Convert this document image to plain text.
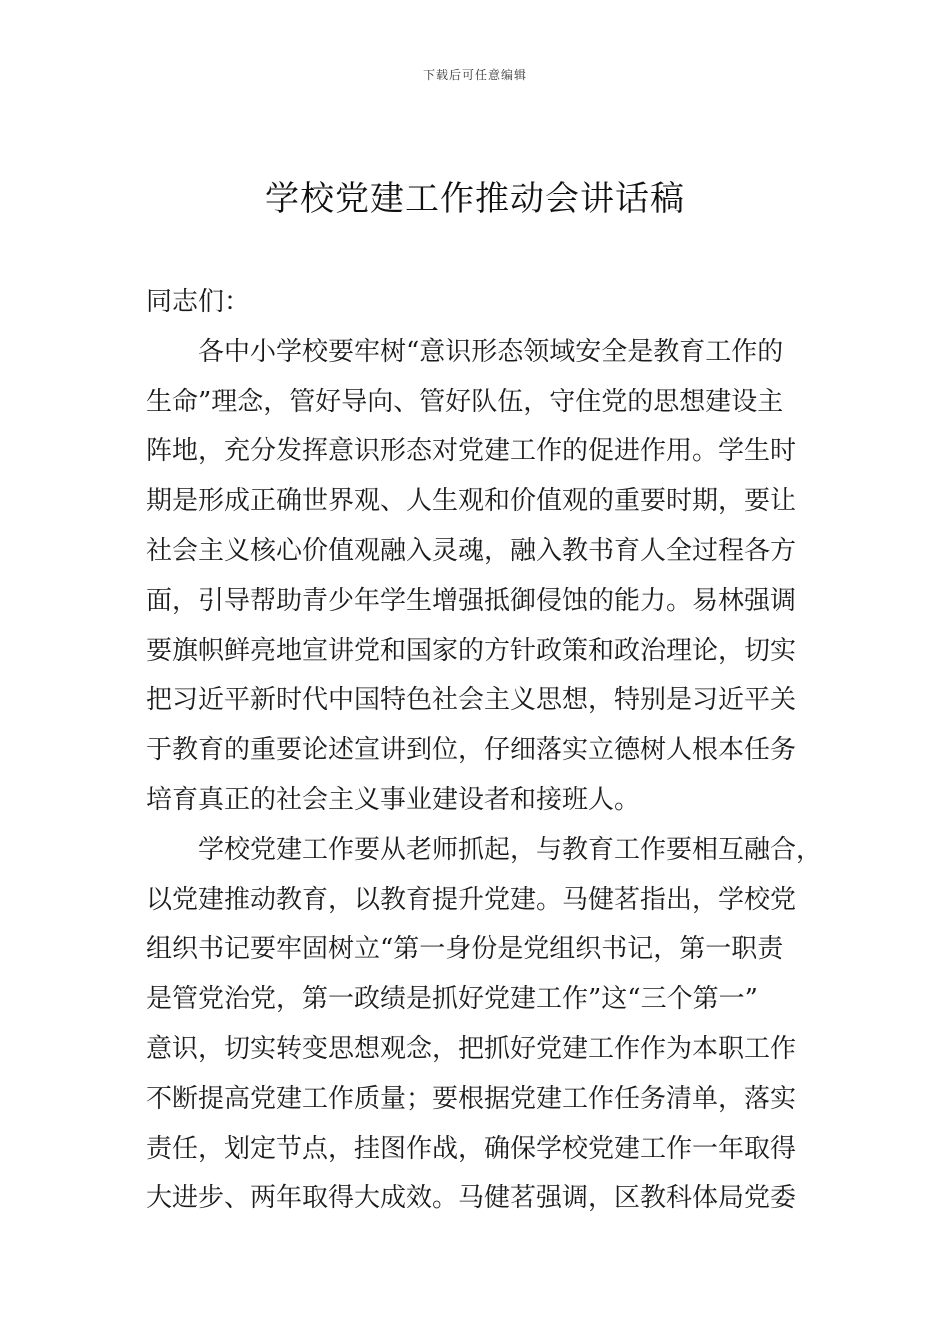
下载后可任意编辑
学校党建工作推动会讲话稿

同志们：

各中小学校要牢树“意识形态领域安全是教育工作的
生命”理念，管好导向、管好队伍，守住党的思想建设主
阵地，充分发挥意识形态对党建工作的促进作用。学生时
期是形成正确世界观、人生观和价值观的重要时期，要让
社会主义核心价值观融入灵魂，融入教书育人全过程各方
面，引导帮助青少年学生增强抵御侵蚀的能力。易林强调
要旗帜鲜亮地宣讲党和国家的方针政策和政治理论，切实
把习近平新时代中国特色社会主义思想，特别是习近平关
于教育的重要论述宣讲到位，仔细落实立德树人根本任务
培育真正的社会主义事业建设者和接班人。
学校党建工作要从老师抓起，与教育工作要相互融合，
以党建推动教育，以教育提升党建。马健茗指出，学校党
组织书记要牢固树立“第一身份是党组织书记，第一职责
是管党治党，第一政绩是抓好党建工作”这“三个第一”
意识，切实转变思想观念，把抓好党建工作作为本职工作
不断提高党建工作质量；要根据党建工作任务清单，落实
责任，划定节点，挂图作战，确保学校党建工作一年取得
大进步、两年取得大成效。马健茗强调，区教科体局党委
